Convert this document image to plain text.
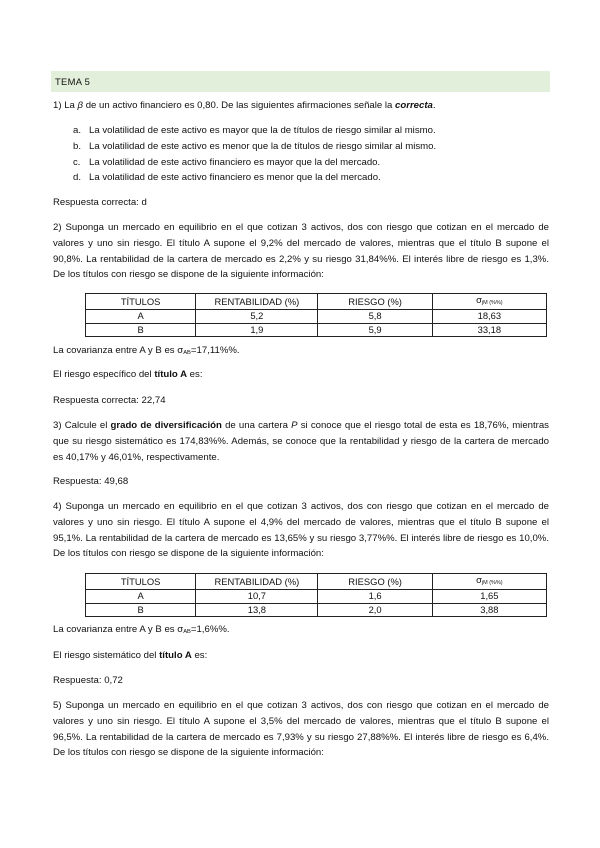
TEMA 5
1) La β de un activo financiero es 0,80. De las siguientes afirmaciones señale la correcta.
a. La volatilidad de este activo es mayor que la de títulos de riesgo similar al mismo.
b. La volatilidad de este activo es menor que la de títulos de riesgo similar al mismo.
c. La volatilidad de este activo financiero es mayor que la del mercado.
d. La volatilidad de este activo financiero es menor que la del mercado.
Respuesta correcta: d
2) Suponga un mercado en equilibrio en el que cotizan 3 activos, dos con riesgo que cotizan en el mercado de valores y uno sin riesgo. El título A supone el 9,2% del mercado de valores, mientras que el título B supone el 90,8%. La rentabilidad de la cartera de mercado es 2,2% y su riesgo 31,84%%. El interés libre de riesgo es 1,3%. De los títulos con riesgo se dispone de la siguiente información:
TÍTULOS	RENTABILIDAD (%)	RIESGO (%)	σjM (%%)
A	5,2	5,8	18,63
B	1,9	5,9	33,18
La covarianza entre A y B es σAB=17,11%%.
El riesgo específico del título A es:
Respuesta correcta: 22,74
3) Calcule el grado de diversificación de una cartera P si conoce que el riesgo total de esta es 18,76%, mientras que su riesgo sistemático es 174,83%%. Además, se conoce que la rentabilidad y riesgo de la cartera de mercado es 40,17% y 46,01%, respectivamente.
Respuesta: 49,68
4) Suponga un mercado en equilibrio en el que cotizan 3 activos, dos con riesgo que cotizan en el mercado de valores y uno sin riesgo. El título A supone el 4,9% del mercado de valores, mientras que el título B supone el 95,1%. La rentabilidad de la cartera de mercado es 13,65% y su riesgo 3,77%%. El interés libre de riesgo es 10,0%. De los títulos con riesgo se dispone de la siguiente información:
TÍTULOS	RENTABILIDAD (%)	RIESGO (%)	σjM (%%)
A	10,7	1,6	1,65
B	13,8	2,0	3,88
La covarianza entre A y B es σAB=1,6%%.
El riesgo sistemático del título A es:
Respuesta: 0,72
5) Suponga un mercado en equilibrio en el que cotizan 3 activos, dos con riesgo que cotizan en el mercado de valores y uno sin riesgo. El título A supone el 3,5% del mercado de valores, mientras que el título B supone el 96,5%. La rentabilidad de la cartera de mercado es 7,93% y su riesgo 27,88%%. El interés libre de riesgo es 6,4%. De los títulos con riesgo se dispone de la siguiente información:
